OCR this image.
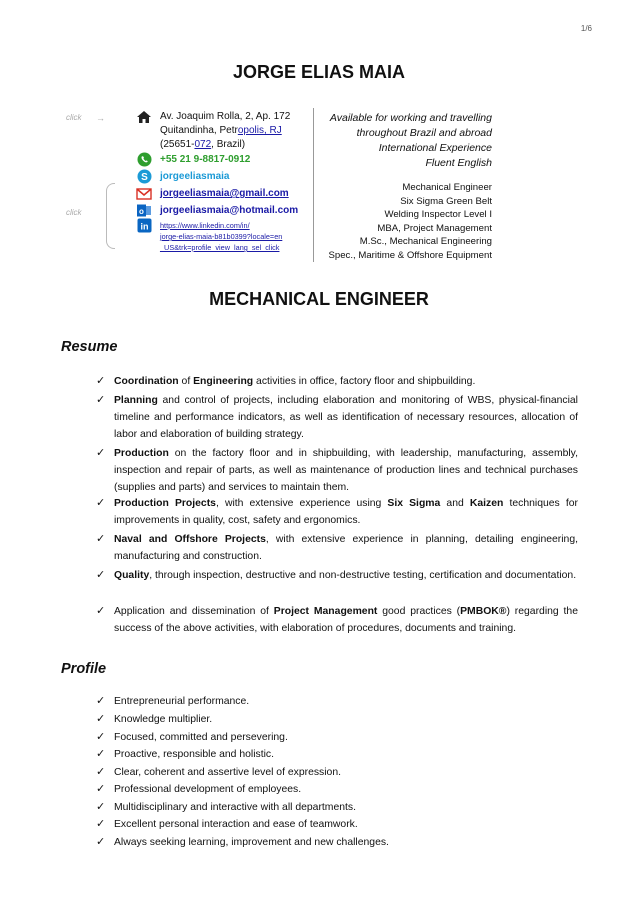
1/6
JORGE ELIAS MAIA
click →
click
S
o
in
Av. Joaquim Rolla, 2, Ap. 172
Quitandinha, Petropolis, RJ
(25651-072, Brazil)
+55 21 9-8817-0912
jorgeeliasmaia
jorgeeliasmaia@gmail.com
jorgeeliasmaia@hotmail.com
https://www.linkedin.com/in/
jorge-elias-maia-b81b0399?locale=en
_US&trk=profile_view_lang_sel_click
Available for working and travelling
throughout Brazil and abroad
International Experience
Fluent English
Mechanical Engineer
Six Sigma Green Belt
Welding Inspector Level I
MBA, Project Management
M.Sc., Mechanical Engineering
Spec., Maritime & Offshore Equipment
MECHANICAL ENGINEER
Resume
✓ Coordination of Engineering activities in office, factory floor and shipbuilding.
✓ Planning and control of projects, including elaboration and monitoring of WBS, physical-financial timeline and performance indicators, as well as identification of necessary resources, allocation of labor and elaboration of building strategy.
✓ Production on the factory floor and in shipbuilding, with leadership, manufacturing, assembly, inspection and repair of parts, as well as maintenance of production lines and technical purchases (supplies and parts) and services to maintain them.
✓ Production Projects, with extensive experience using Six Sigma and Kaizen techniques for improvements in quality, cost, safety and ergonomics.
✓ Naval and Offshore Projects, with extensive experience in planning, detailing engineering, manufacturing and construction.
✓ Quality, through inspection, destructive and non-destructive testing, certification and documentation.
✓ Application and dissemination of Project Management good practices (PMBOK®) regarding the success of the above activities, with elaboration of procedures, documents and training.
Profile
✓ Entrepreneurial performance.
✓ Knowledge multiplier.
✓ Focused, committed and persevering.
✓ Proactive, responsible and holistic.
✓ Clear, coherent and assertive level of expression.
✓ Professional development of employees.
✓ Multidisciplinary and interactive with all departments.
✓ Excellent personal interaction and ease of teamwork.
✓ Always seeking learning, improvement and new challenges.
